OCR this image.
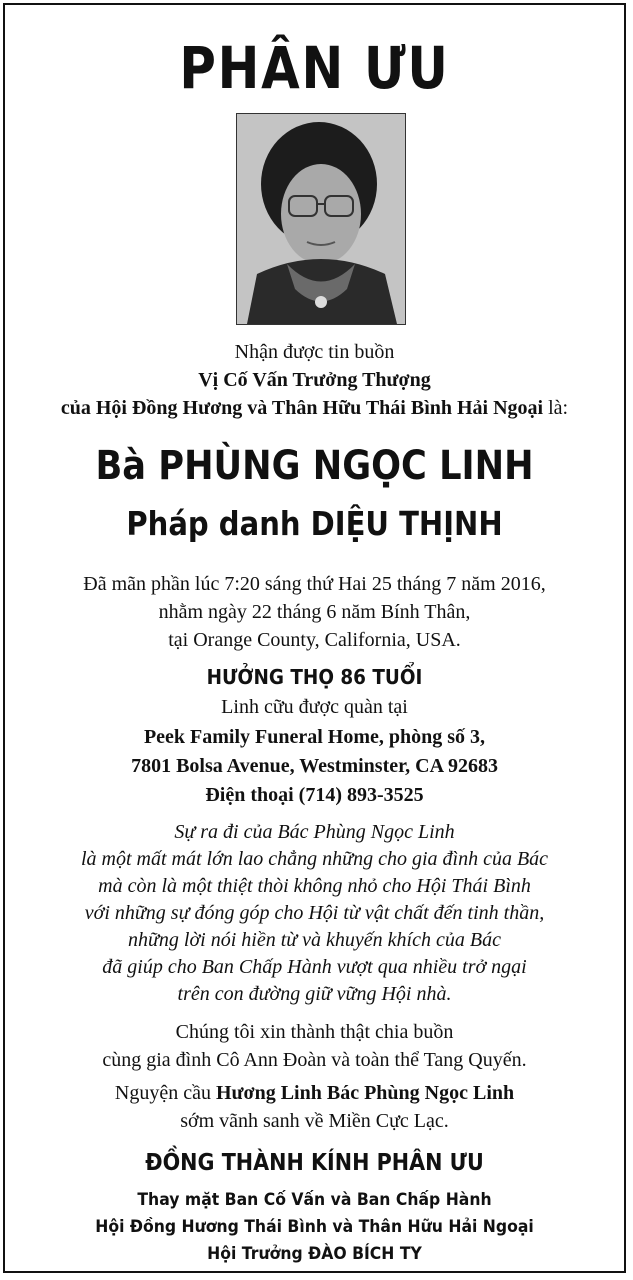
PHÂN ƯU
Nhận được tin buồn
Vị Cố Vấn Trưởng Thượng
của Hội Đồng Hương và Thân Hữu Thái Bình Hải Ngoại là:
Bà PHÙNG NGỌC LINH
Pháp danh DIỆU THỊNH
Đã mãn phần lúc 7:20 sáng thứ Hai 25 tháng 7 năm 2016,
nhằm ngày 22 tháng 6 năm Bính Thân,
tại Orange County, California, USA.
HƯỞNG THỌ 86 TUỔI
Linh cữu được quàn tại
Peek Family Funeral Home, phòng số 3,
7801 Bolsa Avenue, Westminster, CA 92683
Điện thoại (714) 893-3525
Sự ra đi của Bác Phùng Ngọc Linh
là một mất mát lớn lao chẳng những cho gia đình của Bác
mà còn là một thiệt thòi không nhỏ cho Hội Thái Bình
với những sự đóng góp cho Hội từ vật chất đến tinh thần,
những lời nói hiền từ và khuyến khích của Bác
đã giúp cho Ban Chấp Hành vượt qua nhiều trở ngại
trên con đường giữ vững Hội nhà.
Chúng tôi xin thành thật chia buồn
cùng gia đình Cô Ann Đoàn và toàn thể Tang Quyến.
Nguyện cầu Hương Linh Bác Phùng Ngọc Linh
sớm vãnh sanh về Miền Cực Lạc.
ĐỒNG THÀNH KÍNH PHÂN ƯU
Thay mặt Ban Cố Vấn và Ban Chấp Hành
Hội Đồng Hương Thái Bình và Thân Hữu Hải Ngoại
Hội Trưởng ĐÀO BÍCH TY
